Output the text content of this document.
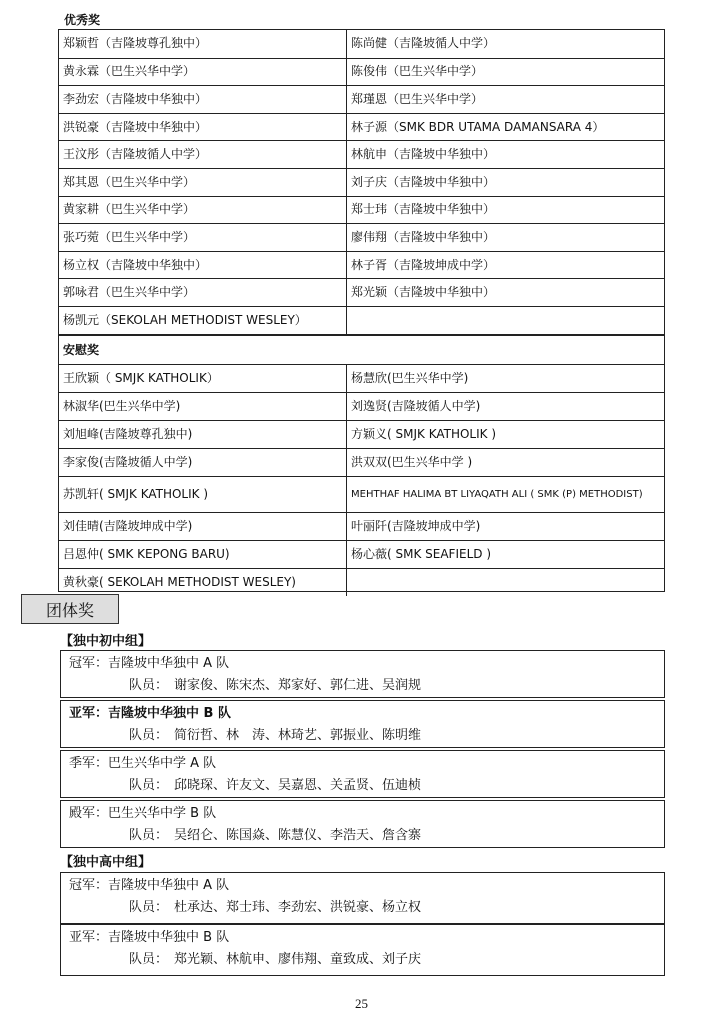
优秀奖
郑颖哲（吉隆坡尊孔独中）	陈尚健（吉隆坡循人中学）
黄永霖（巴生兴华中学）	陈俊伟（巴生兴华中学）
李劲宏（吉隆坡中华独中）	郑瑾恩（巴生兴华中学）
洪锐豪（吉隆坡中华独中）	林子源（SMK BDR UTAMA DAMANSARA 4）
王汶彤（吉隆坡循人中学）	林航申（吉隆坡中华独中）
郑其恩（巴生兴华中学）	刘子庆（吉隆坡中华独中）
黄家耕（巴生兴华中学）	郑士玮（吉隆坡中华独中）
张巧菀（巴生兴华中学）	廖伟翔（吉隆坡中华独中）
杨立权（吉隆坡中华独中）	林子胥（吉隆坡坤成中学）
郭咏君（巴生兴华中学）	郑光颖（吉隆坡中华独中）
杨凯元（SEKOLAH METHODIST WESLEY）
安慰奖
王欣颖（ SMJK KATHOLIK）	杨慧欣(巴生兴华中学)
林淑华(巴生兴华中学)	刘逸贤(吉隆坡循人中学)
刘旭峰(吉隆坡尊孔独中)	方颖义( SMJK KATHOLIK )
李家俊(吉隆坡循人中学)	洪双双(巴生兴华中学 )
苏凯轩( SMJK KATHOLIK )	MEHTHAF HALIMA BT LIYAQATH ALI ( SMK (P) METHODIST)
刘佳晴(吉隆坡坤成中学)	叶丽阡(吉隆坡坤成中学)
吕恩仲( SMK KEPONG BARU)	杨心薇( SMK SEAFIELD )
黄秋豪( SEKOLAH METHODIST WESLEY)
团体奖
【独中初中组】
冠军：吉隆坡中华独中 A 队
队员： 谢家俊、陈宋杰、郑家好、郭仁进、吴润规
亚军：吉隆坡中华独中 B 队
队员： 简衍哲、林　涛、林琦艺、郭振业、陈明维
季军：巴生兴华中学 A 队
队员： 邱晓琛、许友文、吴嘉恩、关孟贤、伍迪桢
殿军：巴生兴华中学 B 队
队员： 吴绍仑、陈国焱、陈慧仪、李浩天、詹含寨
【独中高中组】
冠军：吉隆坡中华独中 A 队
队员： 杜承达、郑士玮、李劲宏、洪锐豪、杨立权
亚军：吉隆坡中华独中 B 队
队员： 郑光颖、林航申、廖伟翔、童致成、刘子庆
25
